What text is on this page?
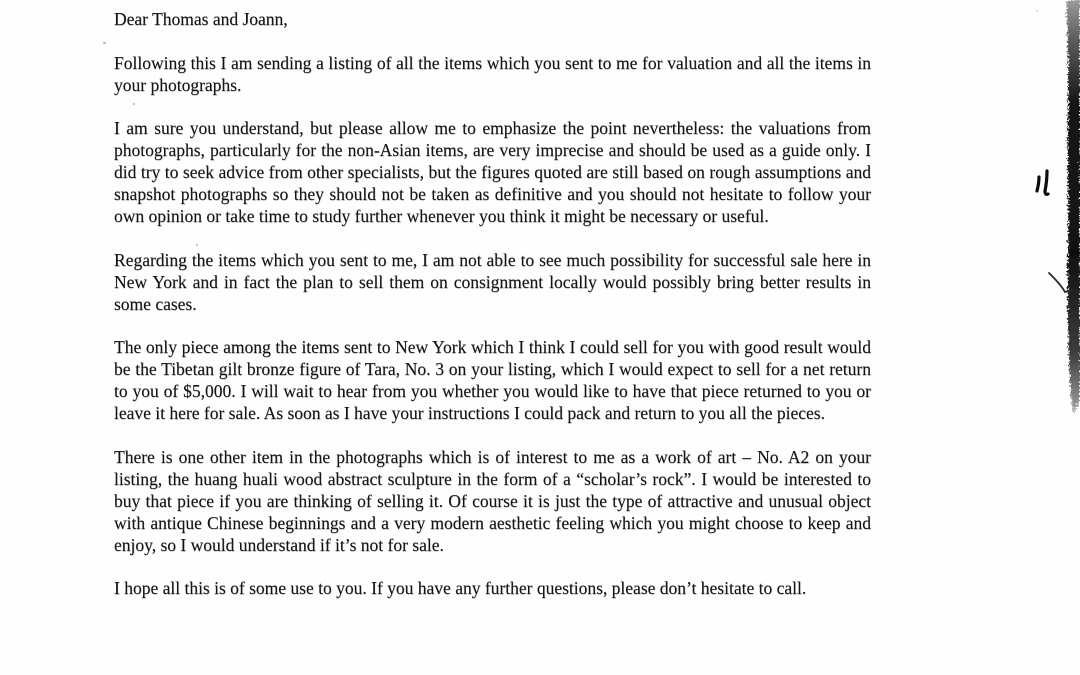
Dear Thomas and Joann,

Following this I am sending a listing of all the items which you sent to me for valuation and all the items in your photographs.

I am sure you understand, but please allow me to emphasize the point nevertheless: the valuations from photographs, particularly for the non-Asian items, are very imprecise and should be used as a guide only. I did try to seek advice from other specialists, but the figures quoted are still based on rough assumptions and snapshot photographs so they should not be taken as definitive and you should not hesitate to follow your own opinion or take time to study further whenever you think it might be necessary or useful.

Regarding the items which you sent to me, I am not able to see much possibility for successful sale here in New York and in fact the plan to sell them on consignment locally would possibly bring better results in some cases.

The only piece among the items sent to New York which I think I could sell for you with good result would be the Tibetan gilt bronze figure of Tara, No. 3 on your listing, which I would expect to sell for a net return to you of $5,000. I will wait to hear from you whether you would like to have that piece returned to you or leave it here for sale. As soon as I have your instructions I could pack and return to you all the pieces.

There is one other item in the photographs which is of interest to me as a work of art – No. A2 on your listing, the huang huali wood abstract sculpture in the form of a “scholar’s rock”. I would be interested to buy that piece if you are thinking of selling it. Of course it is just the type of attractive and unusual object with antique Chinese beginnings and a very modern aesthetic feeling which you might choose to keep and enjoy, so I would understand if it’s not for sale.

I hope all this is of some use to you. If you have any further questions, please don’t hesitate to call.
